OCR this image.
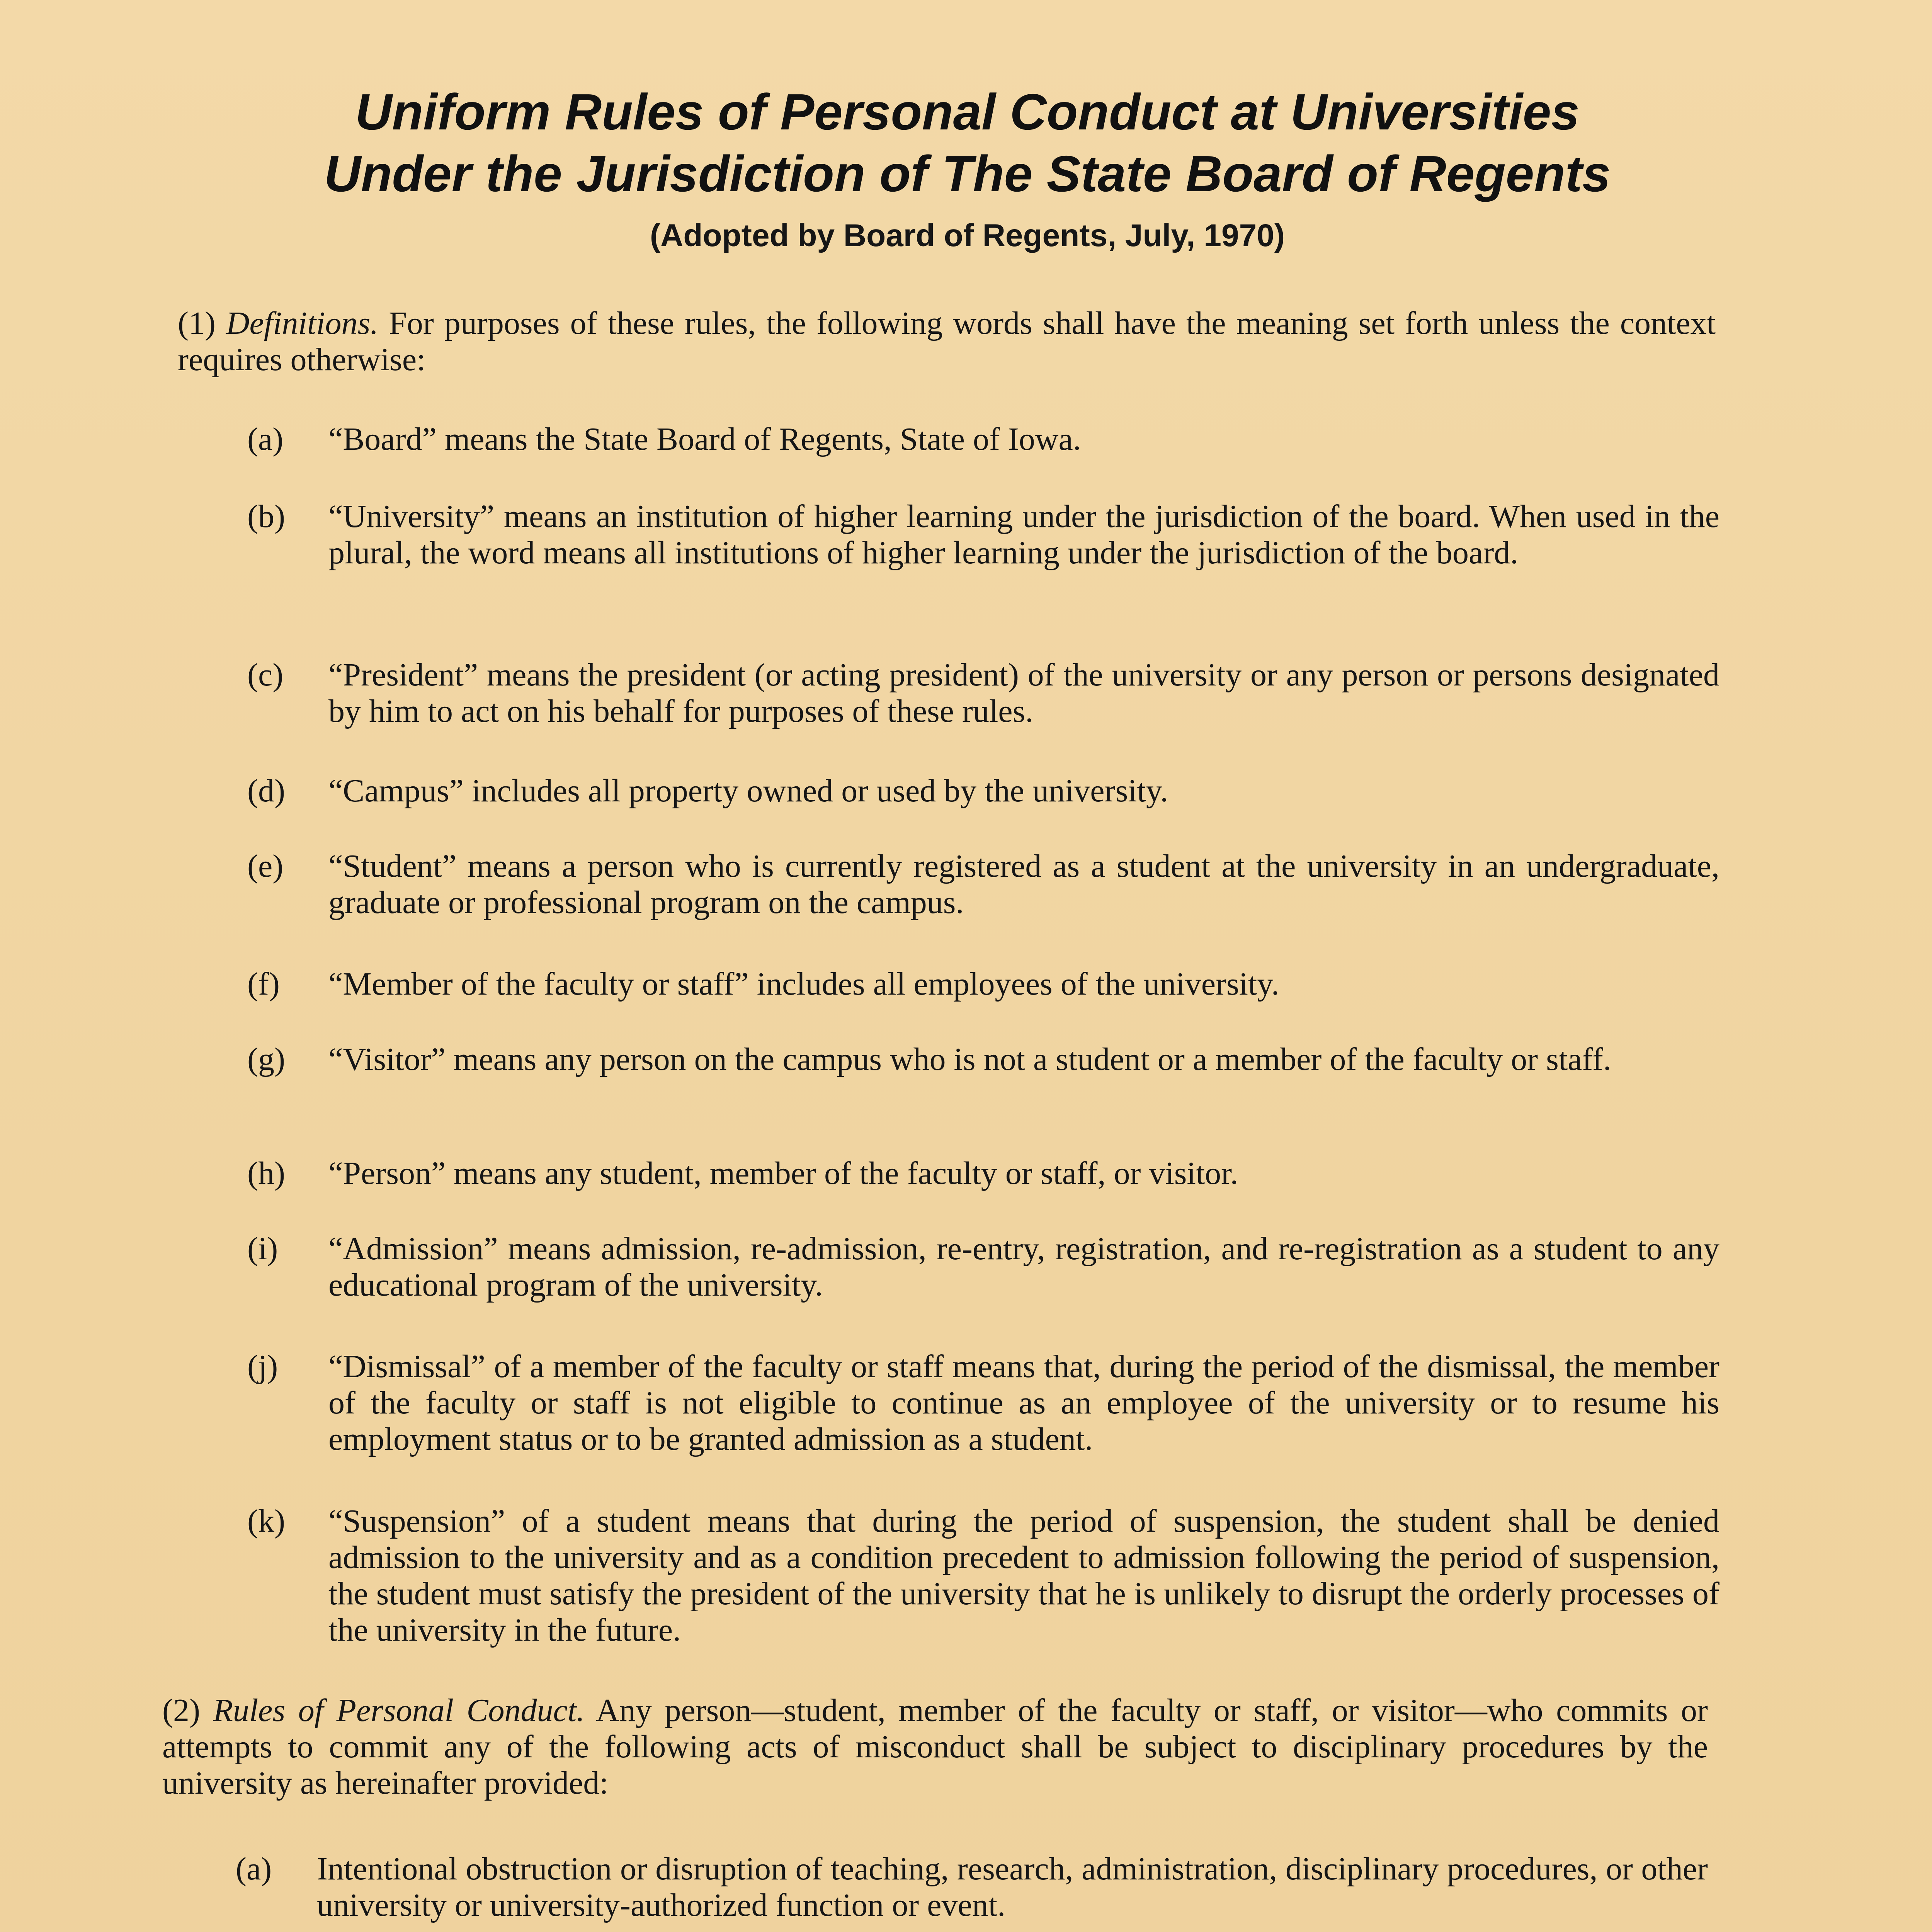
Uniform Rules of Personal Conduct at Universities
Under the Jurisdiction of The State Board of Regents
(Adopted by Board of Regents, July, 1970)
(1) Definitions. For purposes of these rules, the following words shall have the meaning set forth unless the context requires otherwise:
(a) “Board” means the State Board of Regents, State of Iowa.
(b) “University” means an institution of higher learning under the jurisdiction of the board. When used in the plural, the word means all institutions of higher learning under the jurisdiction of the board.
(c) “President” means the president (or acting president) of the university or any person or persons designated by him to act on his behalf for purposes of these rules.
(d) “Campus” includes all property owned or used by the university.
(e) “Student” means a person who is currently registered as a student at the university in an undergraduate, graduate or professional program on the campus.
(f) “Member of the faculty or staff” includes all employees of the university.
(g) “Visitor” means any person on the campus who is not a student or a member of the faculty or staff.
(h) “Person” means any student, member of the faculty or staff, or visitor.
(i) “Admission” means admission, re-admission, re-entry, registration, and re-registration as a student to any educational program of the university.
(j) “Dismissal” of a member of the faculty or staff means that, during the period of the dismissal, the member of the faculty or staff is not eligible to continue as an employee of the university or to resume his employment status or to be granted admission as a student.
(k) “Suspension” of a student means that during the period of suspension, the student shall be denied admission to the university and as a condition precedent to admission following the period of suspension, the student must satisfy the president of the university that he is unlikely to disrupt the orderly processes of the university in the future.
(2) Rules of Personal Conduct. Any person—student, member of the faculty or staff, or visitor—who commits or attempts to commit any of the following acts of misconduct shall be subject to disciplinary procedures by the university as hereinafter provided:
(a) Intentional obstruction or disruption of teaching, research, administration, disciplinary procedures, or other university or university-authorized function or event.
